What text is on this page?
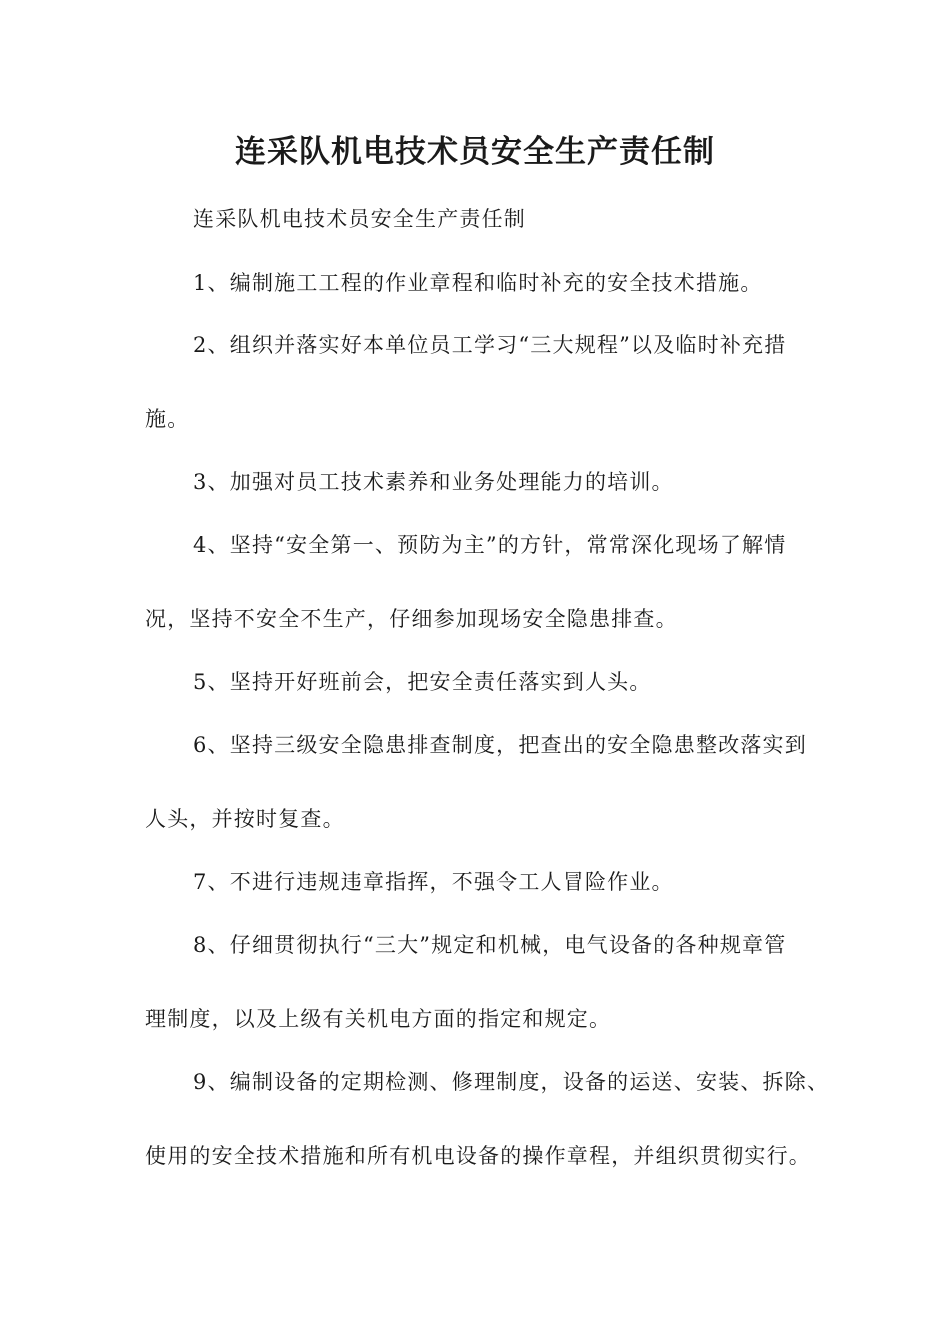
连采队机电技术员安全生产责任制

连采队机电技术员安全生产责任制

1、编制施工工程的作业章程和临时补充的安全技术措施。

2、组织并落实好本单位员工学习“三大规程”以及临时补充措

施。

3、加强对员工技术素养和业务处理能力的培训。

4、坚持“安全第一、预防为主”的方针，常常深化现场了解情

况，坚持不安全不生产，仔细参加现场安全隐患排查。

5、坚持开好班前会，把安全责任落实到人头。

6、坚持三级安全隐患排查制度，把查出的安全隐患整改落实到

人头，并按时复查。

7、不进行违规违章指挥，不强令工人冒险作业。

8、仔细贯彻执行“三大”规定和机械，电气设备的各种规章管

理制度，以及上级有关机电方面的指定和规定。

9、编制设备的定期检测、修理制度，设备的运送、安装、拆除、

使用的安全技术措施和所有机电设备的操作章程，并组织贯彻实行。
